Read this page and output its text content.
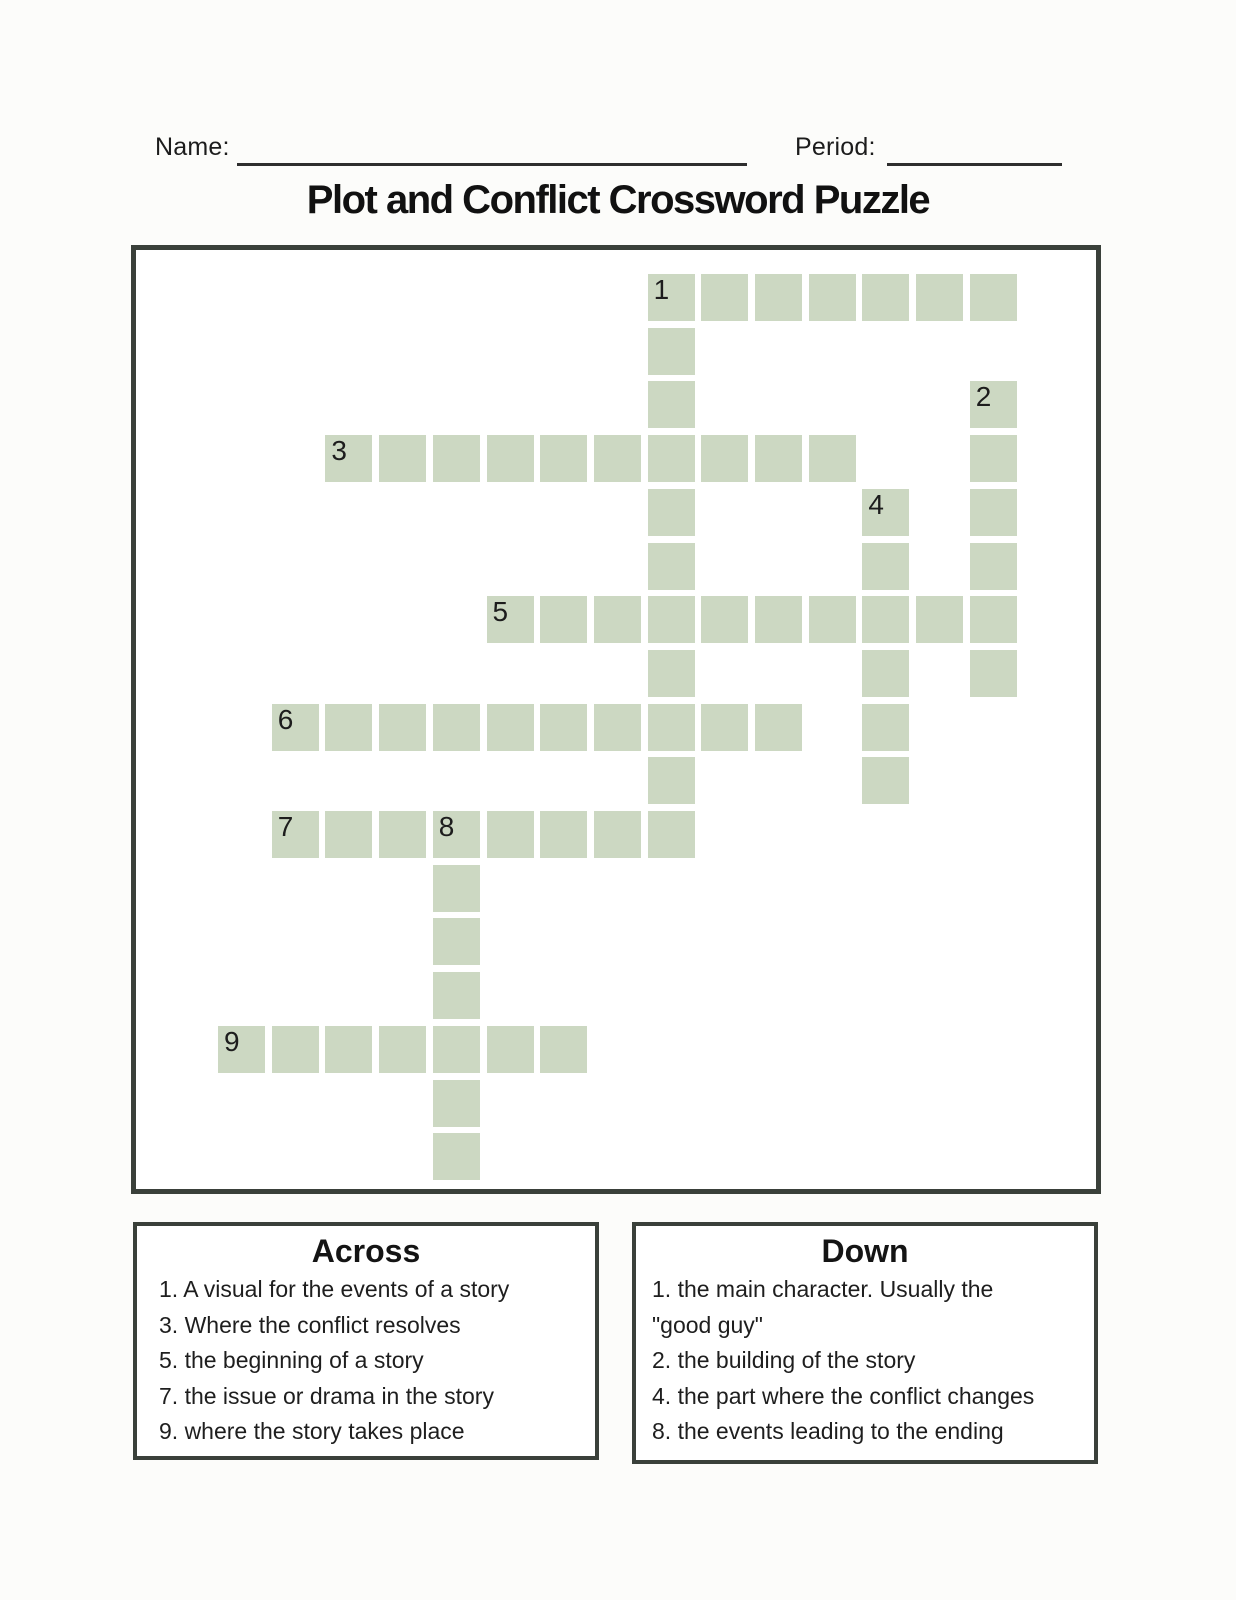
Name:	Period:
Plot and Conflict Crossword Puzzle
1
2
3
4
5
6
7	8
9
Across
1. A visual for the events of a story
3. Where the conflict resolves
5. the beginning of a story
7. the issue or drama in the story
9. where the story takes place
Down
1. the main character. Usually the
"good guy"
2. the building of the story
4. the part where the conflict changes
8. the events leading to the ending
